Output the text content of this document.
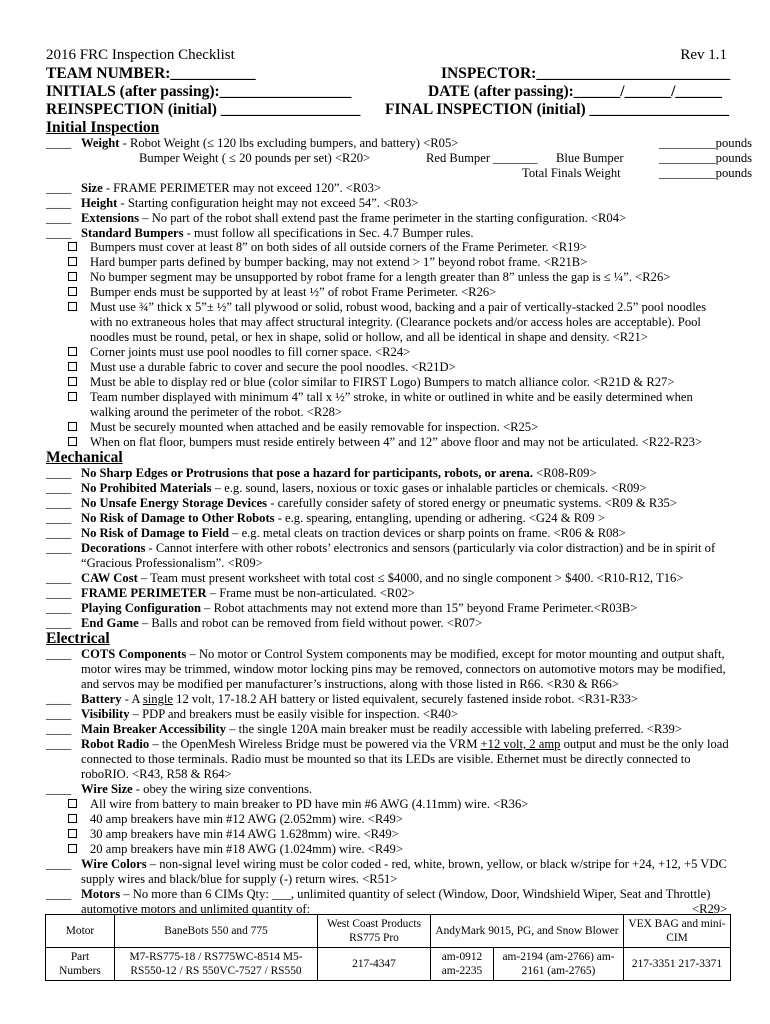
2016 FRC Inspection Checklist	Rev 1.1
TEAM NUMBER:___________	INSPECTOR:_________________________
INITIALS (after passing):_________________	DATE (after passing):______/______/______
REINSPECTION (initial) __________________ FINAL INSPECTION (initial) __________________
Initial Inspection
____ Weight - Robot Weight (≤ 120 lbs excluding bumpers, and battery) <R05>	_________pounds
Bumper Weight ( ≤ 20 pounds per set) <R20>	Red Bumper _______ Blue Bumper	_________pounds
Total Finals Weight	_________pounds
____ Size - FRAME PERIMETER may not exceed 120”. <R03>
____ Height - Starting configuration height may not exceed 54”. <R03>
____ Extensions – No part of the robot shall extend past the frame perimeter in the starting configuration. <R04>
____ Standard Bumpers - must follow all specifications in Sec. 4.7 Bumper rules.
Bumpers must cover at least 8” on both sides of all outside corners of the Frame Perimeter. <R19>
Hard bumper parts defined by bumper backing, may not extend > 1” beyond robot frame. <R21B>
No bumper segment may be unsupported by robot frame for a length greater than 8” unless the gap is ≤ ¼”. <R26>
Bumper ends must be supported by at least ½” of robot Frame Perimeter. <R26>
Must use ¾” thick x 5”± ½” tall plywood or solid, robust wood, backing and a pair of vertically-stacked 2.5” pool noodles with no extraneous holes that may affect structural integrity. (Clearance pockets and/or access holes are acceptable). Pool noodles must be round, petal, or hex in shape, solid or hollow, and all be identical in shape and density. <R21>
Corner joints must use pool noodles to fill corner space. <R24>
Must use a durable fabric to cover and secure the pool noodles. <R21D>
Must be able to display red or blue (color similar to FIRST Logo) Bumpers to match alliance color. <R21D & R27>
Team number displayed with minimum 4” tall x ½” stroke, in white or outlined in white and be easily determined when walking around the perimeter of the robot. <R28>
Must be securely mounted when attached and be easily removable for inspection. <R25>
When on flat floor, bumpers must reside entirely between 4” and 12” above floor and may not be articulated. <R22-R23>
Mechanical
____ No Sharp Edges or Protrusions that pose a hazard for participants, robots, or arena. <R08-R09>
____ No Prohibited Materials – e.g. sound, lasers, noxious or toxic gases or inhalable particles or chemicals. <R09>
____ No Unsafe Energy Storage Devices - carefully consider safety of stored energy or pneumatic systems. <R09 & R35>
____ No Risk of Damage to Other Robots - e.g. spearing, entangling, upending or adhering. <G24 & R09 >
____ No Risk of Damage to Field – e.g. metal cleats on traction devices or sharp points on frame. <R06 & R08>
____ Decorations - Cannot interfere with other robots’ electronics and sensors (particularly via color distraction) and be in spirit of “Gracious Professionalism”. <R09>
____ CAW Cost – Team must present worksheet with total cost ≤ $4000, and no single component > $400. <R10-R12, T16>
____ FRAME PERIMETER – Frame must be non-articulated. <R02>
____ Playing Configuration – Robot attachments may not extend more than 15” beyond Frame Perimeter.<R03B>
____ End Game – Balls and robot can be removed from field without power. <R07>
Electrical
____ COTS Components – No motor or Control System components may be modified, except for motor mounting and output shaft, motor wires may be trimmed, window motor locking pins may be removed, connectors on automotive motors may be modified, and servos may be modified per manufacturer’s instructions, along with those listed in R66. <R30 & R66>
____ Battery - A single 12 volt, 17-18.2 AH battery or listed equivalent, securely fastened inside robot. <R31-R33>
____ Visibility – PDP and breakers must be easily visible for inspection. <R40>
____ Main Breaker Accessibility – the single 120A main breaker must be readily accessible with labeling preferred. <R39>
____ Robot Radio – the OpenMesh Wireless Bridge must be powered via the VRM +12 volt, 2 amp output and must be the only load connected to those terminals. Radio must be mounted so that its LEDs are visible. Ethernet must be directly connected to roboRIO. <R43, R58 & R64>
____ Wire Size - obey the wiring size conventions.
All wire from battery to main breaker to PD have min #6 AWG (4.11mm) wire. <R36>
40 amp breakers have min #12 AWG (2.052mm) wire. <R49>
30 amp breakers have min #14 AWG 1.628mm) wire. <R49>
20 amp breakers have min #18 AWG (1.024mm) wire. <R49>
____ Wire Colors – non-signal level wiring must be color coded - red, white, brown, yellow, or black w/stripe for +24, +12, +5 VDC supply wires and black/blue for supply (-) return wires. <R51>
____ Motors – No more than 6 CIMs Qty: ___, unlimited quantity of select (Window, Door, Windshield Wiper, Seat and Throttle) automotive motors and unlimited quantity of:	<R29>
Motor	BaneBots 550 and 775	West Coast Products RS775 Pro	AndyMark 9015, PG, and Snow Blower		VEX BAG and mini-CIM
Part Numbers	M7-RS775-18 / RS775WC-8514 M5-RS550-12 / RS 550VC-7527 / RS550	217-4347	am-0912 am-2235	am-2194 (am-2766) am-2161 (am-2765)	217-3351 217-3371
